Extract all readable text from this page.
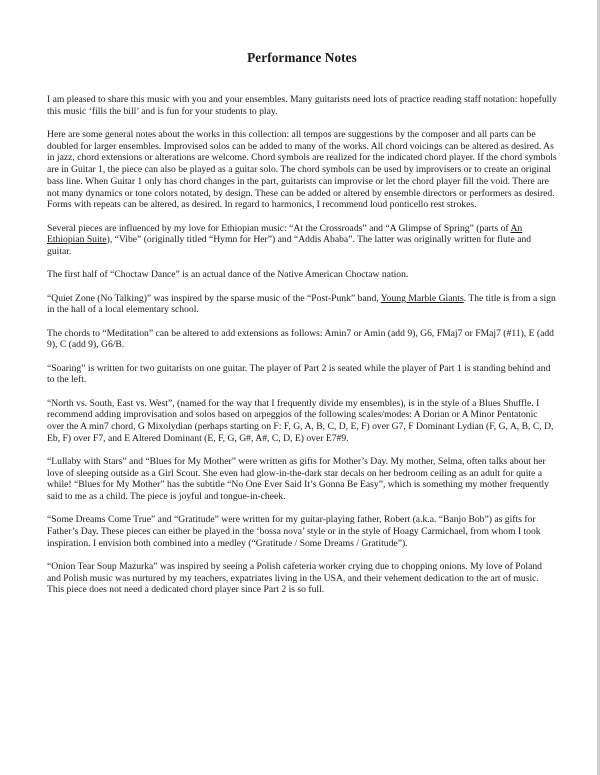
Performance Notes

I am pleased to share this music with you and your ensembles. Many guitarists need lots of practice reading staff notation: hopefully this music ‘fills the bill’ and is fun for your students to play.

Here are some general notes about the works in this collection: all tempos are suggestions by the composer and all parts can be doubled for larger ensembles. Improvised solos can be added to many of the works. All chord voicings can be altered as desired. As in jazz, chord extensions or alterations are welcome. Chord symbols are realized for the indicated chord player. If the chord symbols are in Guitar 1, the piece can also be played as a guitar solo. The chord symbols can be used by improvisers or to create an original bass line. When Guitar 1 only has chord changes in the part, guitarists can improvise or let the chord player fill the void. There are not many dynamics or tone colors notated, by design. These can be added or altered by ensemble directors or performers as desired. Forms with repeats can be altered, as desired. In regard to harmonics, I recommend loud ponticello rest strokes.

Several pieces are influenced by my love for Ethiopian music: “At the Crossroads” and “A Glimpse of Spring” (parts of An Ethiopian Suite), “Vibe” (originally titled “Hymn for Her”) and “Addis Ababa”. The latter was originally written for flute and guitar.

The first half of “Choctaw Dance” is an actual dance of the Native American Choctaw nation.

“Quiet Zone (No Talking)” was inspired by the sparse music of the “Post-Punk” band, Young Marble Giants. The title is from a sign in the hall of a local elementary school.

The chords to “Meditation” can be altered to add extensions as follows: Amin7 or Amin (add 9), G6, FMaj7 or FMaj7 (#11), E (add 9), C (add 9), G6/B.

“Soaring” is written for two guitarists on one guitar. The player of Part 2 is seated while the player of Part 1 is standing behind and to the left.

“North vs. South, East vs. West”, (named for the way that I frequently divide my ensembles), is in the style of a Blues Shuffle. I recommend adding improvisation and solos based on arpeggios of the following scales/modes: A Dorian or A Minor Pentatonic over the A min7 chord, G Mixolydian (perhaps starting on F: F, G, A, B, C, D, E, F) over G7, F Dominant Lydian (F, G, A, B, C, D, Eb, F) over F7, and E Altered Dominant (E, F, G, G#, A#, C, D, E) over E7#9.

“Lullaby with Stars” and “Blues for My Mother” were written as gifts for Mother’s Day. My mother, Selma, often talks about her love of sleeping outside as a Girl Scout. She even had glow-in-the-dark star decals on her bedroom ceiling as an adult for quite a while! “Blues for My Mother” has the subtitle “No One Ever Said It’s Gonna Be Easy”, which is something my mother frequently said to me as a child. The piece is joyful and tongue-in-cheek.

“Some Dreams Come True” and “Gratitude” were written for my guitar-playing father, Robert (a.k.a. “Banjo Bob”) as gifts for Father’s Day. These pieces can either be played in the ‘bossa nova’ style or in the style of Hoagy Carmichael, from whom I took inspiration. I envision both combined into a medley (“Gratitude / Some Dreams / Gratitude”).

“Onion Tear Soup Mazurka” was inspired by seeing a Polish cafeteria worker crying due to chopping onions. My love of Poland and Polish music was nurtured by my teachers, expatriates living in the USA, and their vehement dedication to the art of music. This piece does not need a dedicated chord player since Part 2 is so full.
